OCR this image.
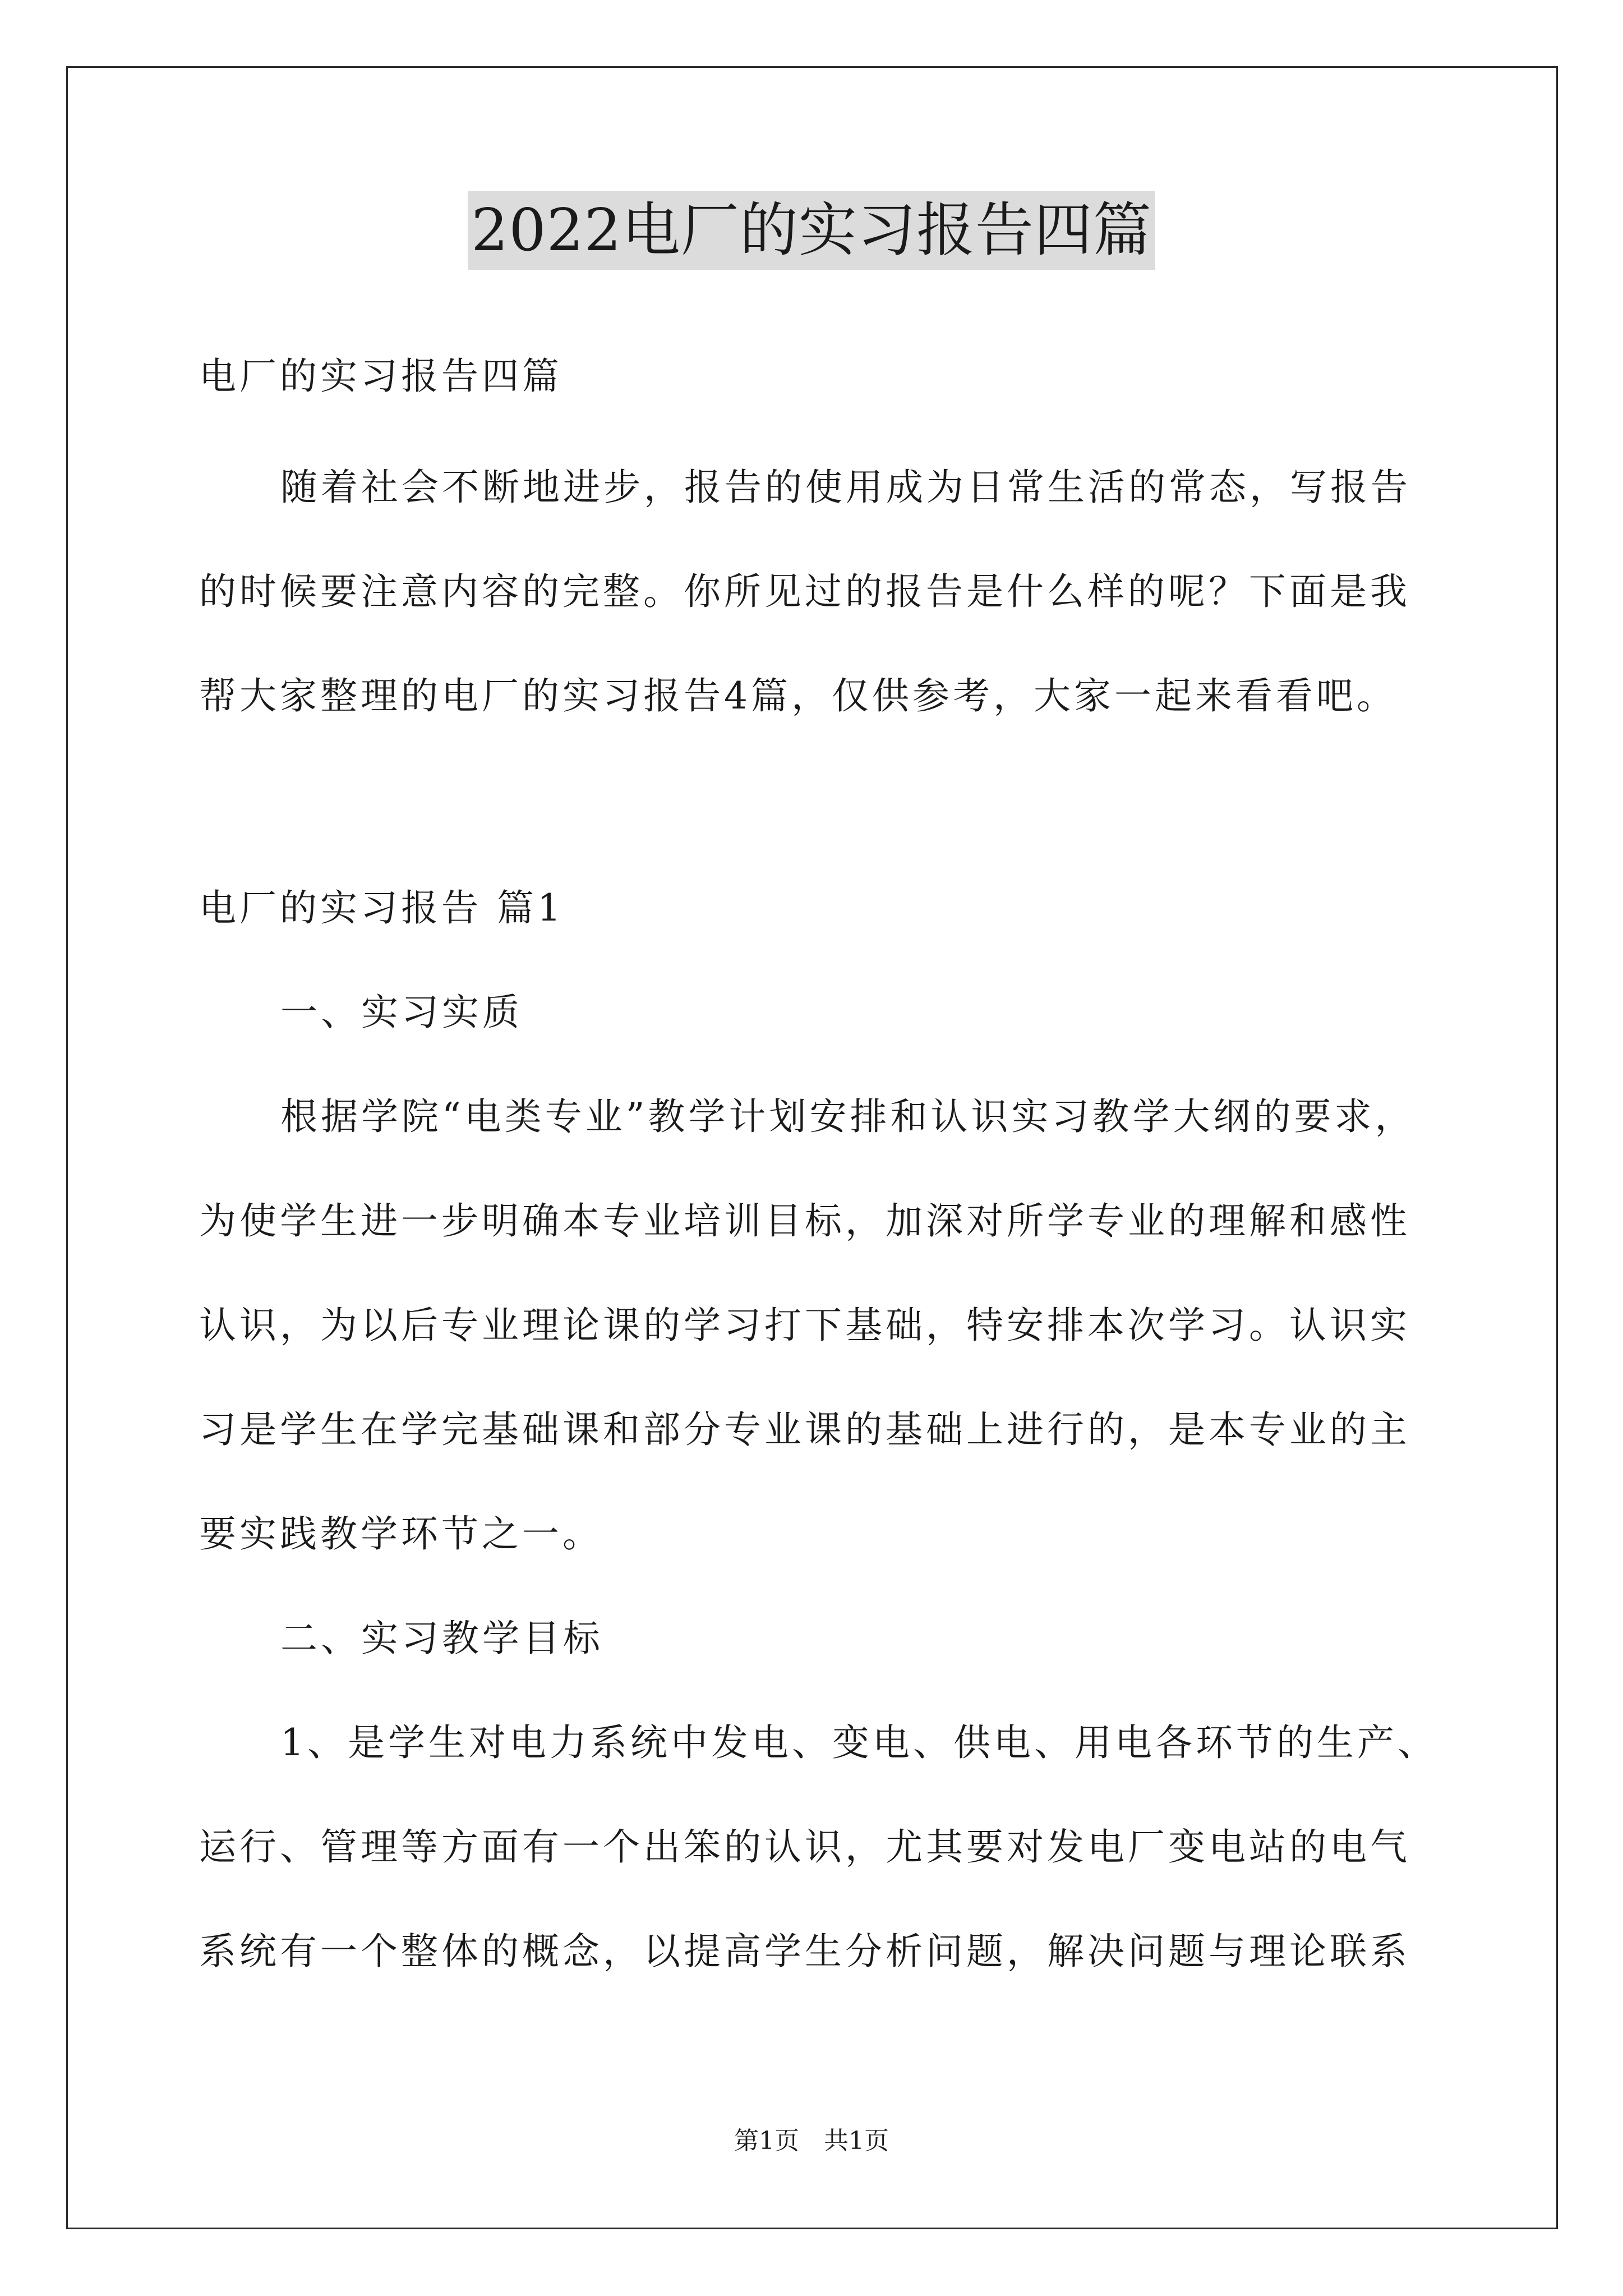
2022电厂的实习报告四篇
电厂的实习报告四篇
随着社会不断地进步，报告的使用成为日常生活的常态，写报告
的时候要注意内容的完整。你所见过的报告是什么样的呢？下面是我
帮大家整理的电厂的实习报告4篇，仅供参考，大家一起来看看吧。
电厂的实习报告 篇1
一、实习实质
根据学院“电类专业”教学计划安排和认识实习教学大纲的要求，
为使学生进一步明确本专业培训目标，加深对所学专业的理解和感性
认识，为以后专业理论课的学习打下基础，特安排本次学习。认识实
习是学生在学完基础课和部分专业课的基础上进行的，是本专业的主
要实践教学环节之一。
二、实习教学目标
1、是学生对电力系统中发电、变电、供电、用电各环节的生产、
运行、管理等方面有一个出笨的认识，尤其要对发电厂变电站的电气
系统有一个整体的概念，以提高学生分析问题，解决问题与理论联系
第1页　共1页
